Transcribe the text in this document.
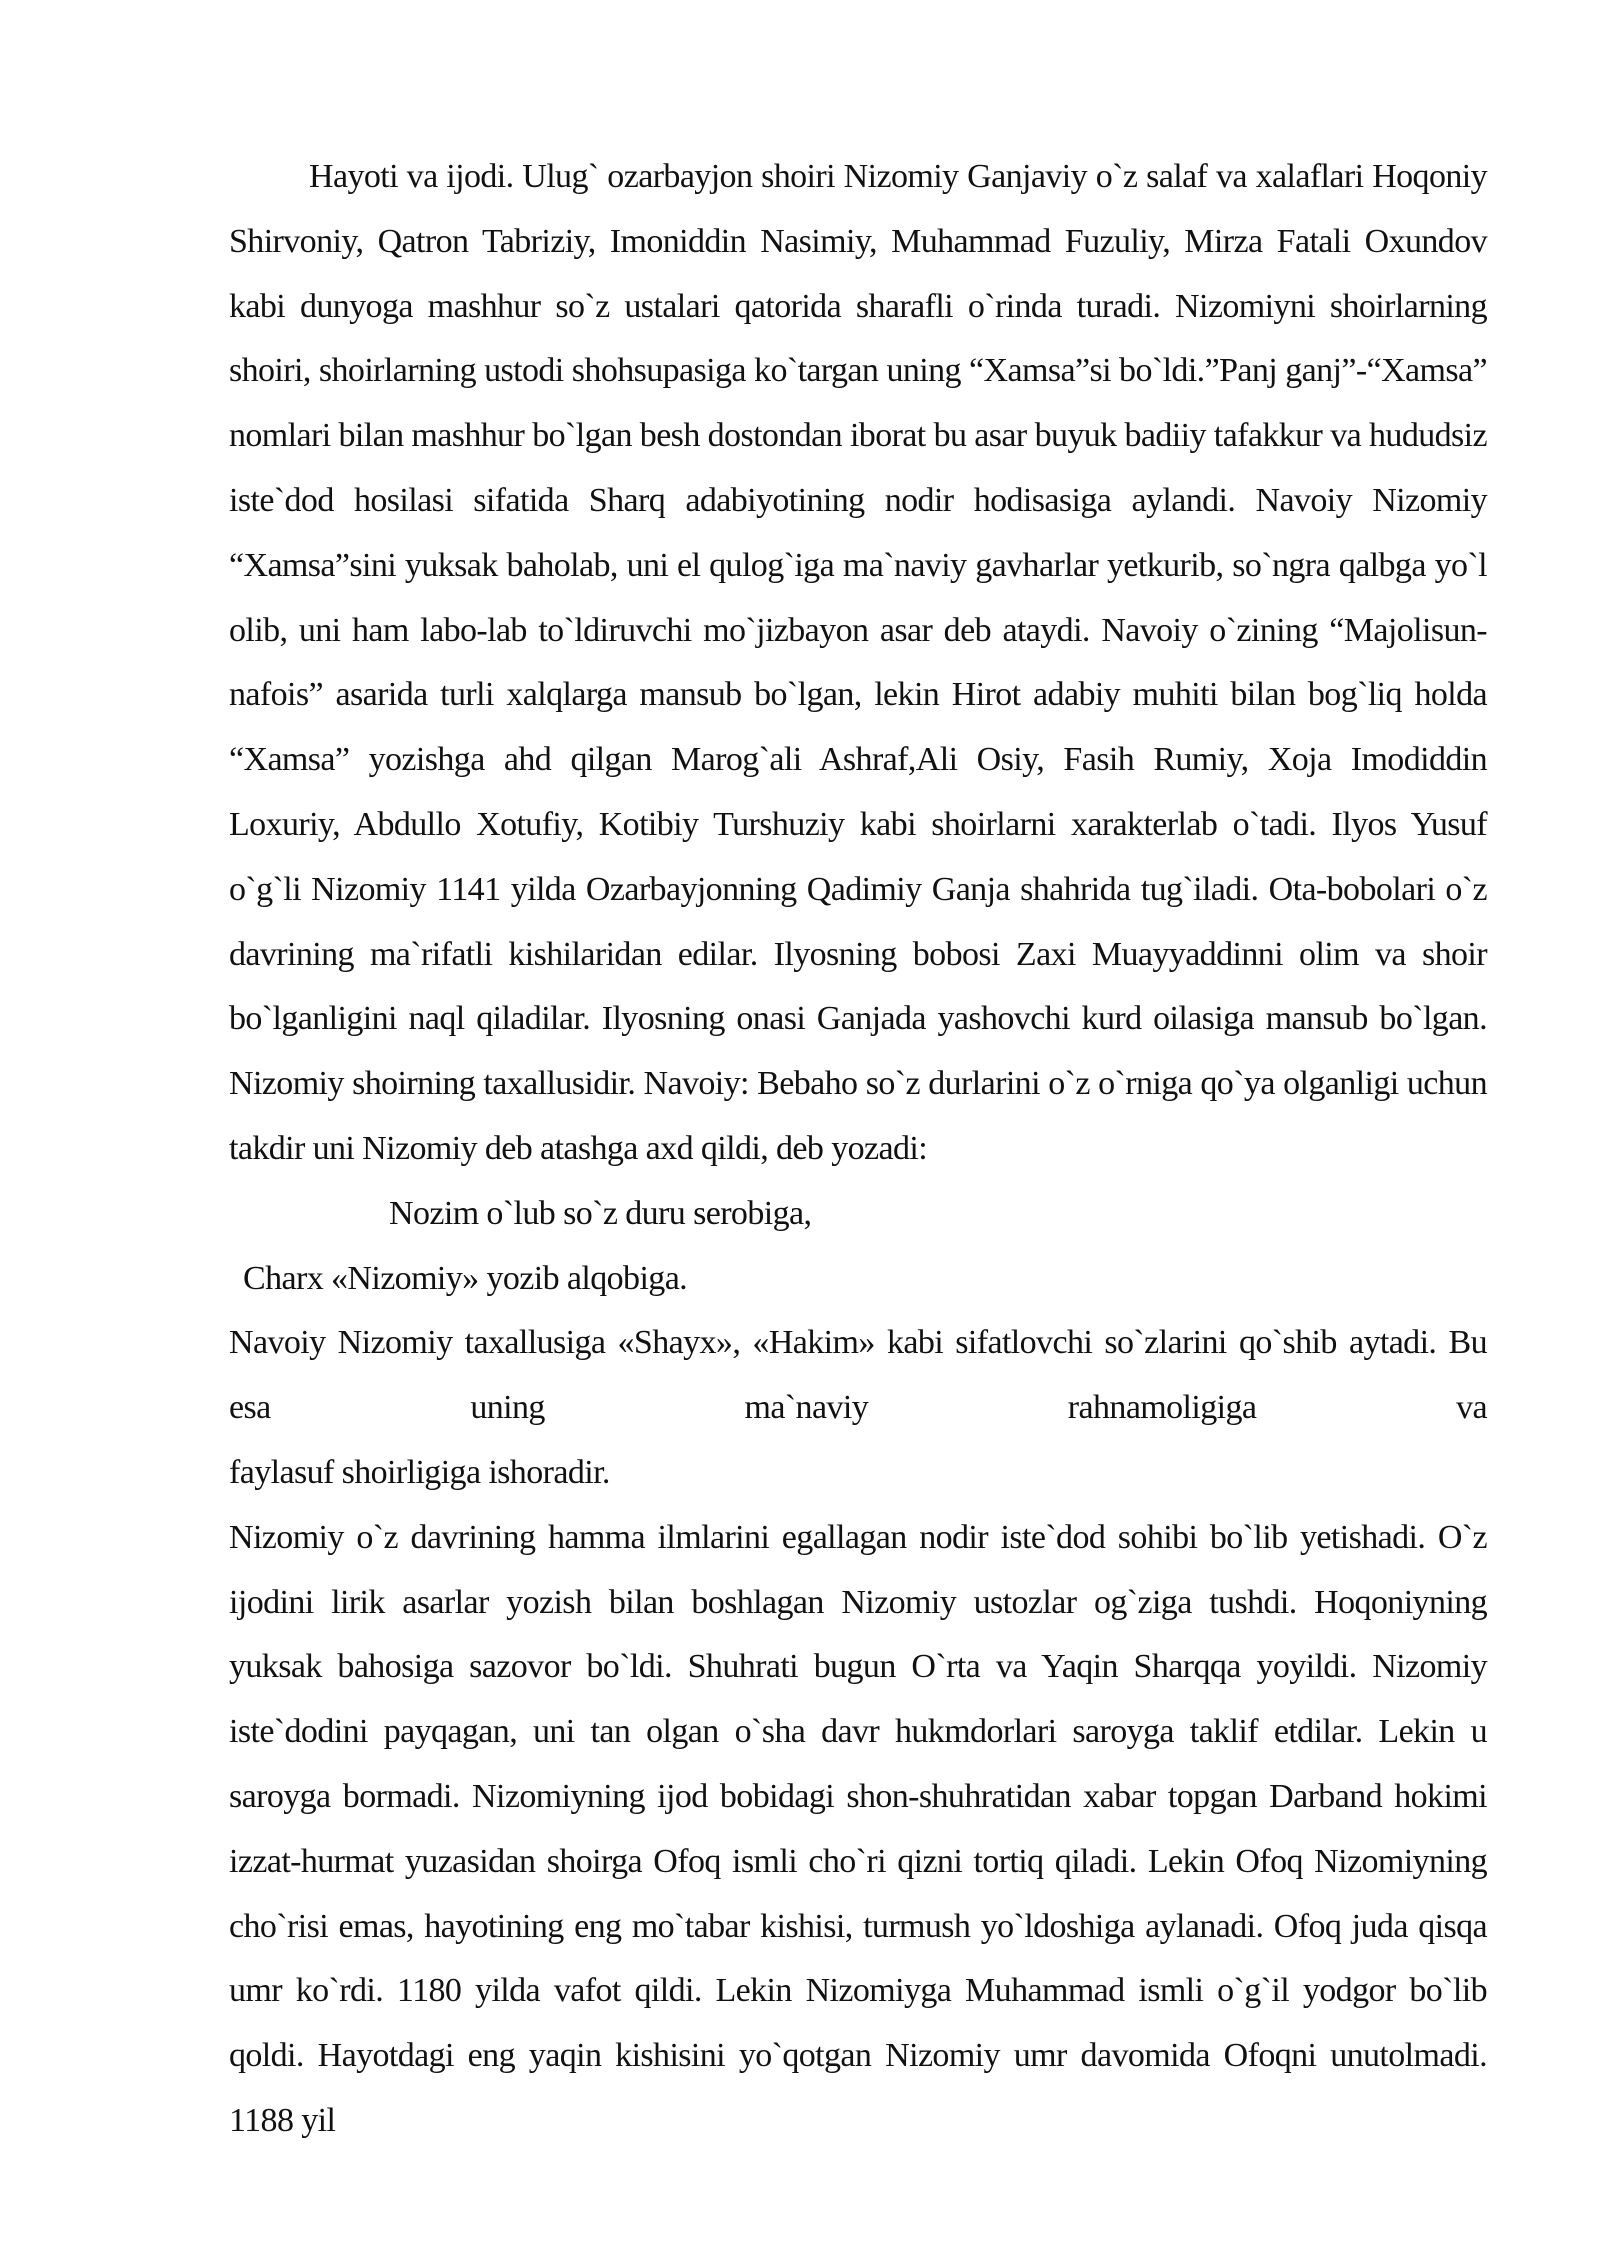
Hayoti va ijodi. Ulug` ozarbayjon shoiri Nizomiy Ganjaviy o`z salaf va xalaflari Hoqoniy Shirvoniy, Qatron Tabriziy, Imoniddin Nasimiy, Muhammad Fuzuliy, Mirza Fatali Oxundov kabi dunyoga mashhur so`z ustalari qatorida sharafli o`rinda turadi. Nizomiyni shoirlarning shoiri, shoirlarning ustodi shohsupasiga ko`targan uning “Xamsa”si bo`ldi.”Panj ganj”-“Xamsa” nomlari bilan mashhur bo`lgan besh dostondan iborat bu asar buyuk badiiy tafakkur va hududsiz iste`dod hosilasi sifatida Sharq adabiyotining nodir hodisasiga aylandi. Navoiy Nizomiy “Xamsa”sini yuksak baholab, uni el qulog`iga ma`naviy gavharlar yetkurib, so`ngra qalbga yo`l olib, uni ham labo-lab to`ldiruvchi mo`jizbayon asar deb ataydi. Navoiy o`zining “Majolisun-nafois” asarida turli xalqlarga mansub bo`lgan, lekin Hirot adabiy muhiti bilan bog`liq holda “Xamsa” yozishga ahd qilgan Marog`ali Ashraf,Ali Osiy, Fasih Rumiy, Xoja Imodiddin Loxuriy, Abdullo Xotufiy, Kotibiy Turshuziy kabi shoirlarni xarakterlab o`tadi. Ilyos Yusuf o`g`li Nizomiy 1141 yilda Ozarbayjonning Qadimiy Ganja shahrida tug`iladi. Ota-bobolari o`z davrining ma`rifatli kishilaridan edilar. Ilyosning bobosi Zaxi Muayyaddinni olim va shoir bo`lganligini naql qiladilar. Ilyosning onasi Ganjada yashovchi kurd oilasiga mansub bo`lgan. Nizomiy shoirning taxallusidir. Navoiy: Bebaho so`z durlarini o`z o`rniga qo`ya olganligi uchun takdir uni Nizomiy deb atashga axd qildi, deb yozadi:

Nozim o`lub so`z duru serobiga,
Charx «Nizomiy» yozib alqobiga.

Navoiy Nizomiy taxallusiga «Shayx», «Hakim» kabi sifatlovchi so`zlarini qo`shib aytadi. Bu esa uning ma`naviy rahnamoligiga va

faylasuf shoirligiga ishoradir.

Nizomiy o`z davrining hamma ilmlarini egallagan nodir iste`dod sohibi bo`lib yetishadi. O`z ijodini lirik asarlar yozish bilan boshlagan Nizomiy ustozlar og`ziga tushdi. Hoqoniyning yuksak bahosiga sazovor bo`ldi. Shuhrati bugun O`rta va Yaqin Sharqqa yoyildi. Nizomiy iste`dodini payqagan, uni tan olgan o`sha davr hukmdorlari saroyga taklif etdilar. Lekin u saroyga bormadi. Nizomiyning ijod bobidagi shon-shuhratidan xabar topgan Darband hokimi izzat-hurmat yuzasidan shoirga Ofoq ismli cho`ri qizni tortiq qiladi. Lekin Ofoq Nizomiyning cho`risi emas, hayotining eng mo`tabar kishisi, turmush yo`ldoshiga aylanadi. Ofoq juda qisqa umr ko`rdi. 1180 yilda vafot qildi. Lekin Nizomiyga Muhammad ismli o`g`il yodgor bo`lib qoldi. Hayotdagi eng yaqin kishisini yo`qotgan Nizomiy umr davomida Ofoqni unutolmadi. 1188 yil
